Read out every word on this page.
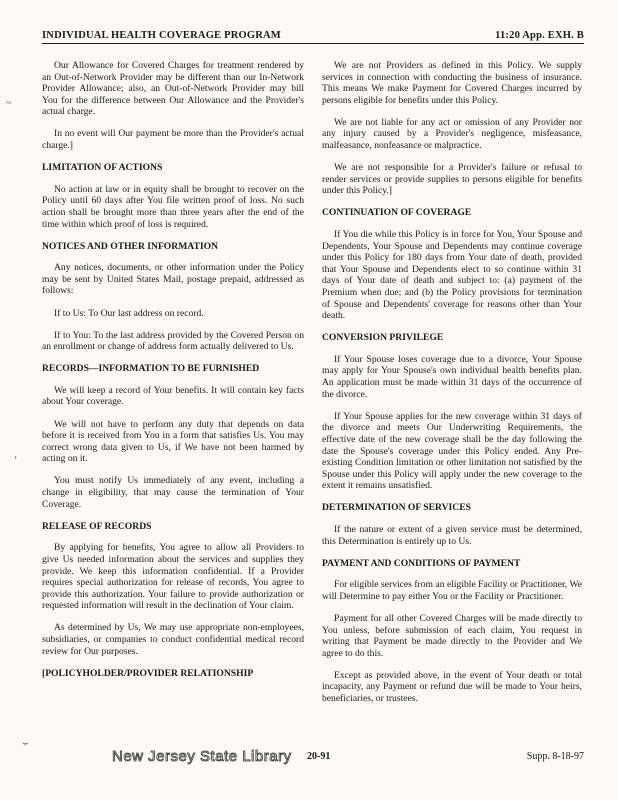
INDIVIDUAL HEALTH COVERAGE PROGRAM	11:20 App. EXH. B
~
‘
⌣

Our Allowance for Covered Charges for treatment rendered by an Out-of-Network Provider may be different than our In-Network Provider Allowance; also, an Out-of-Network Provider may bill You for the difference between Our Allowance and the Provider's actual charge.

In no event will Our payment be more than the Provider's actual charge.]

LIMITATION OF ACTIONS

No action at law or in equity shall be brought to recover on the Policy until 60 days after You file written proof of loss. No such action shall be brought more than three years after the end of the time within which proof of loss is required.

NOTICES AND OTHER INFORMATION

Any notices, documents, or other information under the Policy may be sent by United States Mail, postage prepaid, addressed as follows:

If to Us: To Our last address on record.

If to You: To the last address provided by the Covered Person on an enrollment or change of address form actually delivered to Us.

RECORDS—INFORMATION TO BE FURNISHED

We will keep a record of Your benefits. It will contain key facts about Your coverage.

We will not have to perform any duty that depends on data before it is received from You in a form that satisfies Us. You may correct wrong data given to Us, if We have not been harmed by acting on it.

You must notify Us immediately of any event, including a change in eligibility, that may cause the termination of Your Coverage.

RELEASE OF RECORDS

By applying for benefits, You agree to allow all Providers to give Us needed information about the services and supplies they provide. We keep this information confidential. If a Provider requires special authorization for release of records, You agree to provide this authorization. Your failure to provide authorization or requested information will result in the declination of Your claim.

As determined by Us, We may use appropriate non-employees, subsidiaries, or companies to conduct confidential medical record review for Our purposes.

[POLICYHOLDER/PROVIDER RELATIONSHIP

We are not Providers as defined in this Policy. We supply services in connection with conducting the business of insurance. This means We make Payment for Covered Charges incurred by persons eligible for benefits under this Policy.

We are not liable for any act or omission of any Provider nor any injury caused by a Provider's negligence, misfeasance, malfeasance, nonfeasance or malpractice.

We are not responsible for a Provider's failure or refusal to render services or provide supplies to persons eligible for benefits under this Policy.]

CONTINUATION OF COVERAGE

If You die while this Policy is in force for You, Your Spouse and Dependents, Your Spouse and Dependents may continue coverage under this Policy for 180 days from Your date of death, provided that Your Spouse and Dependents elect to so continue within 31 days of Your date of death and subject to: (a) payment of the Premium when due; and (b) the Policy provisions for termination of Spouse and Dependents' coverage for reasons other than Your death.

CONVERSION PRIVILEGE

If Your Spouse loses coverage due to a divorce, Your Spouse may apply for Your Spouse's own individual health benefits plan. An application must be made within 31 days of the occurrence of the divorce.

If Your Spouse applies for the new coverage within 31 days of the divorce and meets Our Underwriting Requirements, the effective date of the new coverage shall be the day following the date the Spouse's coverage under this Policy ended. Any Pre-existing Condition limitation or other limitation not satisfied by the Spouse under this Policy will apply under the new coverage to the extent it remains unsatisfied.

DETERMINATION OF SERVICES

If the nature or extent of a given service must be determined, this Determination is entirely up to Us.

PAYMENT AND CONDITIONS OF PAYMENT

For eligible services from an eligible Facility or Practitioner, We will Determine to pay either You or the Facility or Practitioner.

Payment for all other Covered Charges will be made directly to You unless, before submission of each claim, You request in writing that Payment be made directly to the Provider and We agree to do this.

Except as provided above, in the event of Your death or total incapacity, any Payment or refund due will be made to Your heirs, beneficiaries, or trustees.

New Jersey State Library 20-91	Supp. 8-18-97
